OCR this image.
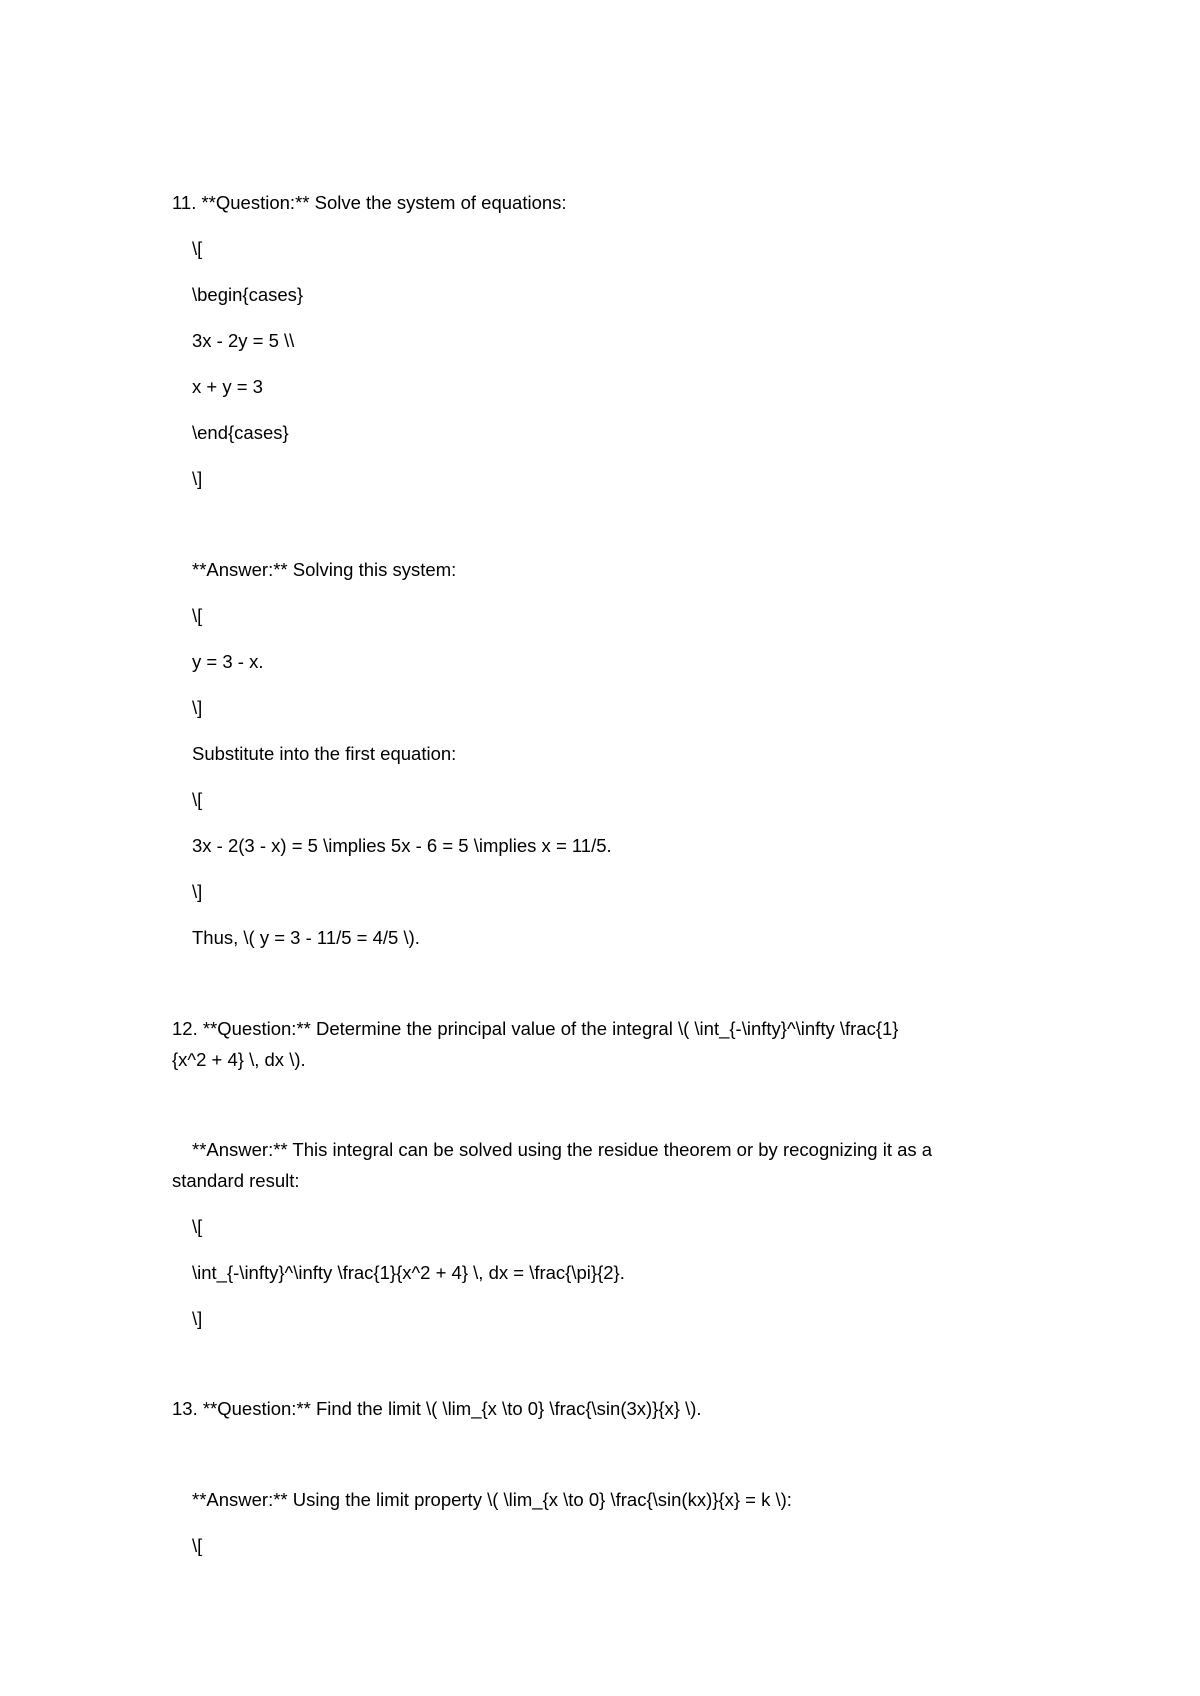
11. **Question:** Solve the system of equations:
\[
\begin{cases}
3x - 2y = 5 \\
x + y = 3
\end{cases}
\]
**Answer:** Solving this system:
\[
y = 3 - x.
\]
Substitute into the first equation:
\[
3x - 2(3 - x) = 5 \implies 5x - 6 = 5 \implies x = 11/5.
\]
Thus, \( y = 3 - 11/5 = 4/5 \).
12. **Question:** Determine the principal value of the integral \( \int_{-\infty}^\infty \frac{1}
{x^2 + 4} \, dx \).
**Answer:** This integral can be solved using the residue theorem or by recognizing it as a
standard result:
\[
\int_{-\infty}^\infty \frac{1}{x^2 + 4} \, dx = \frac{\pi}{2}.
\]
13. **Question:** Find the limit \( \lim_{x \to 0} \frac{\sin(3x)}{x} \).
**Answer:** Using the limit property \( \lim_{x \to 0} \frac{\sin(kx)}{x} = k \):
\[
